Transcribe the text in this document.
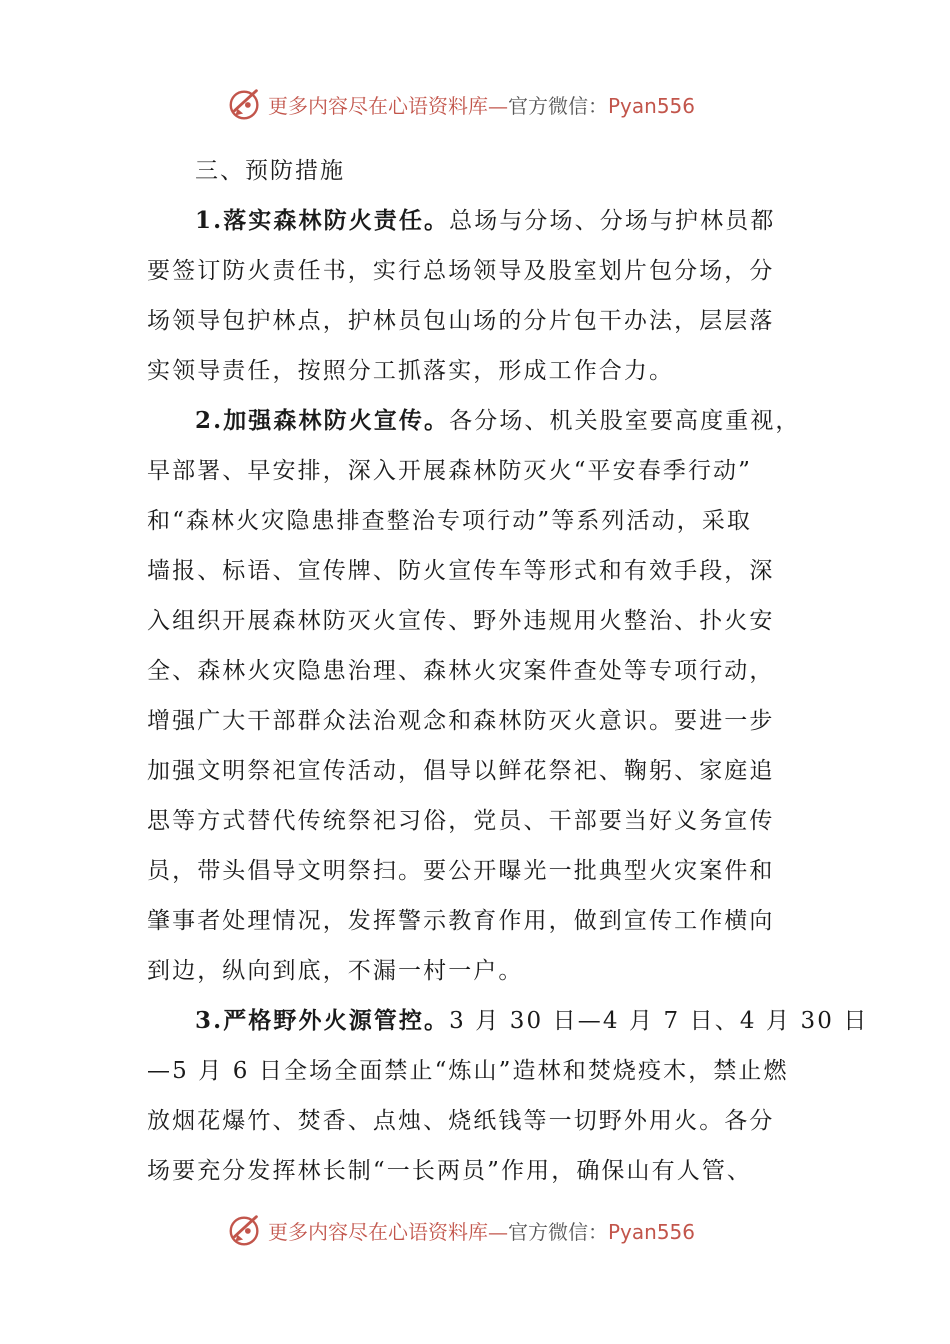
更多内容尽在心语资料库—官方微信：Pyan556
三、预防措施
1.落实森林防火责任。总场与分场、分场与护林员都
要签订防火责任书，实行总场领导及股室划片包分场，分
场领导包护林点，护林员包山场的分片包干办法，层层落
实领导责任，按照分工抓落实，形成工作合力。
2.加强森林防火宣传。各分场、机关股室要高度重视，
早部署、早安排，深入开展森林防灭火“平安春季行动”
和“森林火灾隐患排查整治专项行动”等系列活动，采取
墙报、标语、宣传牌、防火宣传车等形式和有效手段，深
入组织开展森林防灭火宣传、野外违规用火整治、扑火安
全、森林火灾隐患治理、森林火灾案件查处等专项行动，
增强广大干部群众法治观念和森林防灭火意识。要进一步
加强文明祭祀宣传活动，倡导以鲜花祭祀、鞠躬、家庭追
思等方式替代传统祭祀习俗，党员、干部要当好义务宣传
员，带头倡导文明祭扫。要公开曝光一批典型火灾案件和
肇事者处理情况，发挥警示教育作用，做到宣传工作横向
到边，纵向到底，不漏一村一户。
3.严格野外火源管控。3 月 30 日—4 月 7 日、4 月 30 日
—5 月 6 日全场全面禁止“炼山”造林和焚烧疫木，禁止燃
放烟花爆竹、焚香、点烛、烧纸钱等一切野外用火。各分
场要充分发挥林长制“一长两员”作用，确保山有人管、
更多内容尽在心语资料库—官方微信：Pyan556
